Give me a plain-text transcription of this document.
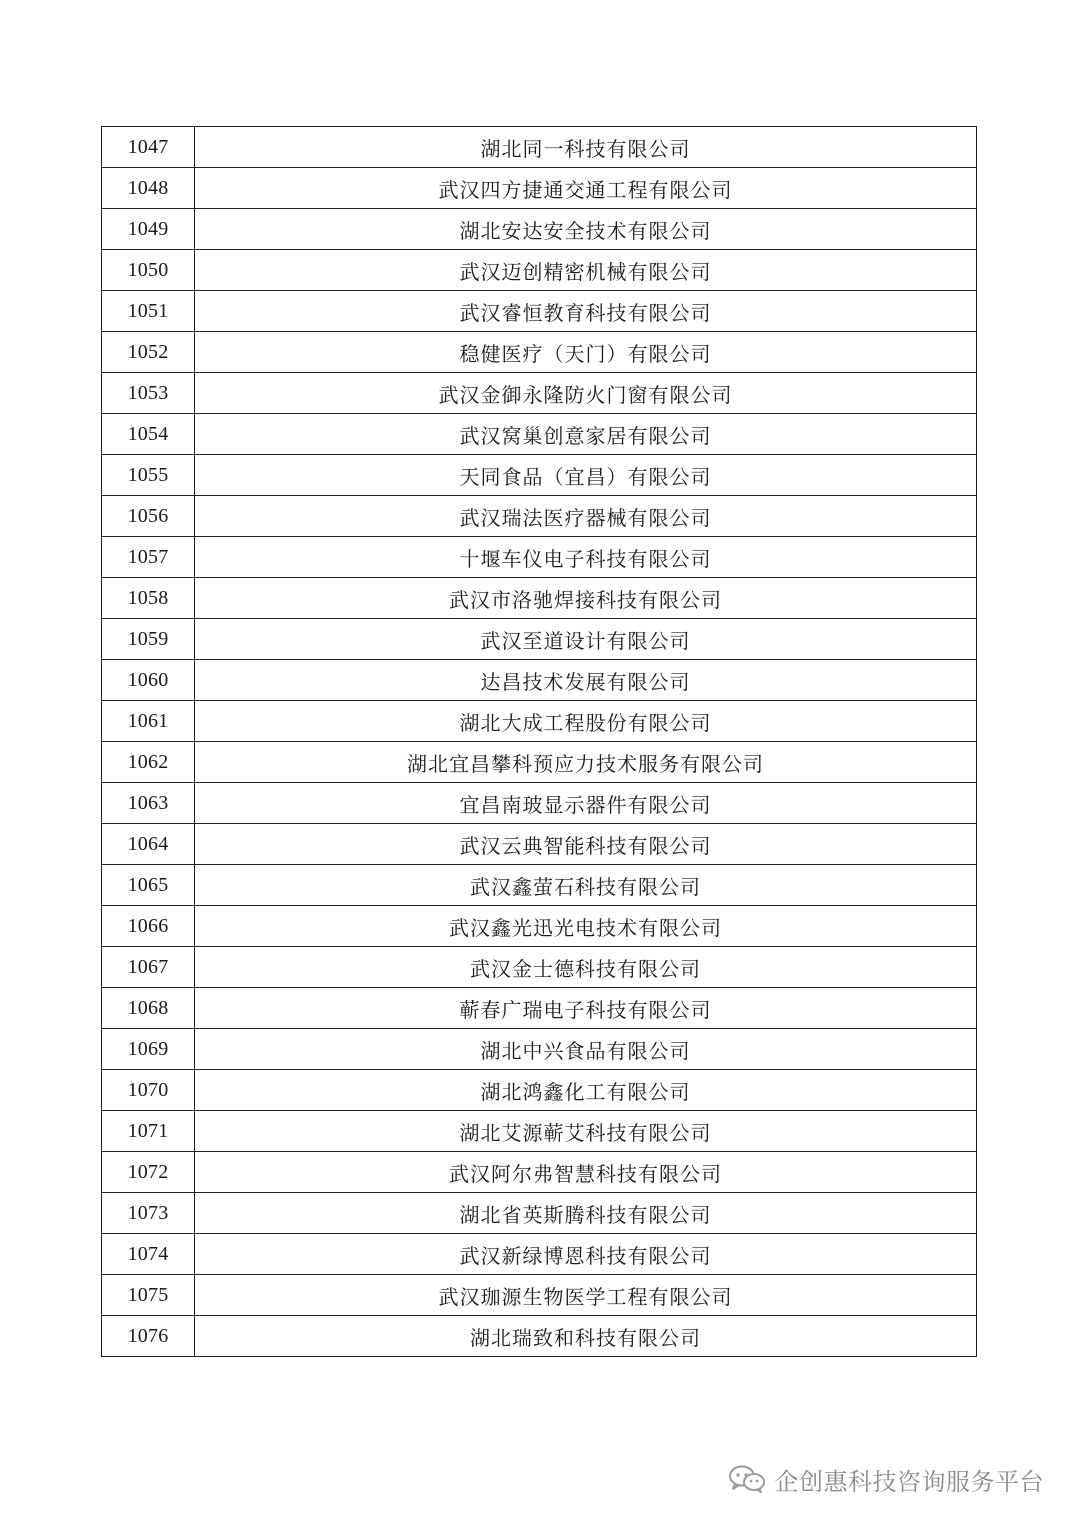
1047	湖北同一科技有限公司
1048	武汉四方捷通交通工程有限公司
1049	湖北安达安全技术有限公司
1050	武汉迈创精密机械有限公司
1051	武汉睿恒教育科技有限公司
1052	稳健医疗（天门）有限公司
1053	武汉金御永隆防火门窗有限公司
1054	武汉窝巢创意家居有限公司
1055	天同食品（宜昌）有限公司
1056	武汉瑞法医疗器械有限公司
1057	十堰车仪电子科技有限公司
1058	武汉市洛驰焊接科技有限公司
1059	武汉至道设计有限公司
1060	达昌技术发展有限公司
1061	湖北大成工程股份有限公司
1062	湖北宜昌攀科预应力技术服务有限公司
1063	宜昌南玻显示器件有限公司
1064	武汉云典智能科技有限公司
1065	武汉鑫萤石科技有限公司
1066	武汉鑫光迅光电技术有限公司
1067	武汉金士德科技有限公司
1068	蕲春广瑞电子科技有限公司
1069	湖北中兴食品有限公司
1070	湖北鸿鑫化工有限公司
1071	湖北艾源蕲艾科技有限公司
1072	武汉阿尔弗智慧科技有限公司
1073	湖北省英斯腾科技有限公司
1074	武汉新绿博恩科技有限公司
1075	武汉珈源生物医学工程有限公司
1076	湖北瑞致和科技有限公司
企创惠科技咨询服务平台
